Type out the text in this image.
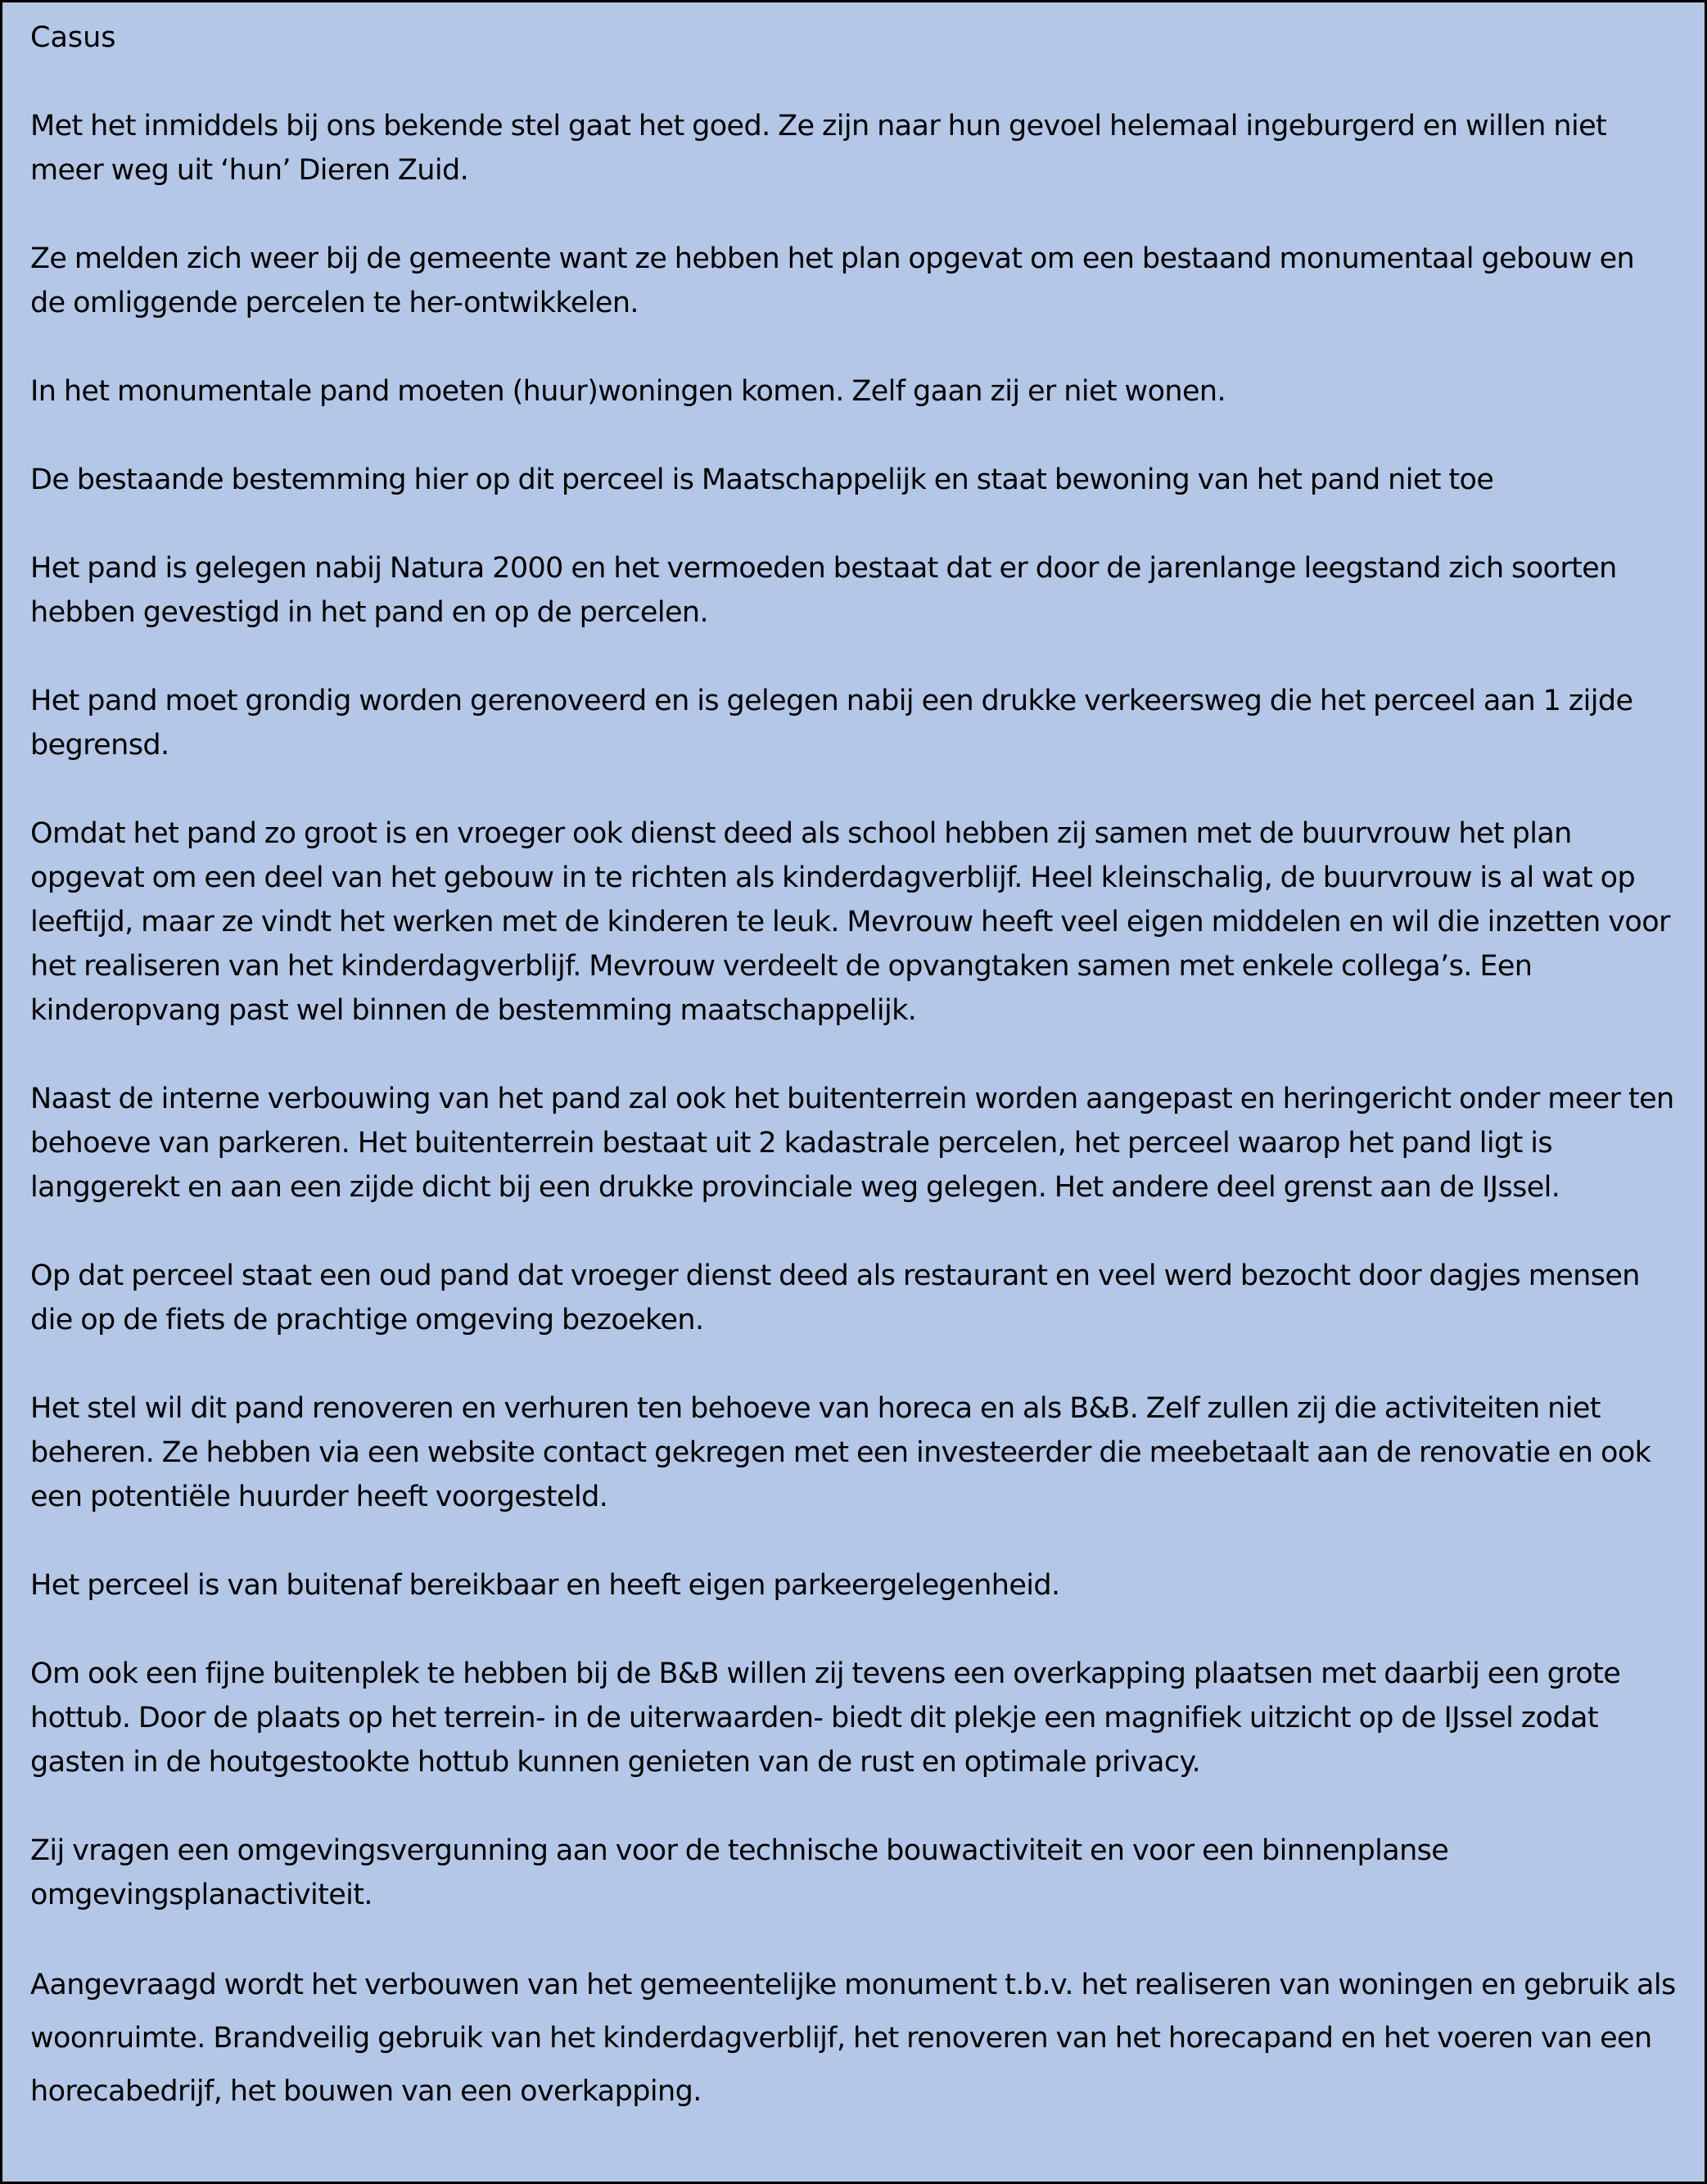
Casus

Met het inmiddels bij ons bekende stel gaat het goed. Ze zijn naar hun gevoel helemaal ingeburgerd en willen niet meer weg uit ‘hun’ Dieren Zuid.

Ze melden zich weer bij de gemeente want ze hebben het plan opgevat om een bestaand monumentaal gebouw en de omliggende percelen te her-ontwikkelen.

In het monumentale pand moeten (huur)woningen komen. Zelf gaan zij er niet wonen.

De bestaande bestemming hier op dit perceel is Maatschappelijk en staat bewoning van het pand niet toe

Het pand is gelegen nabij Natura 2000 en het vermoeden bestaat dat er door de jarenlange leegstand zich soorten hebben gevestigd in het pand en op de percelen.

Het pand moet grondig worden gerenoveerd en is gelegen nabij een drukke verkeersweg die het perceel aan 1 zijde begrensd.

Omdat het pand zo groot is en vroeger ook dienst deed als school hebben zij samen met de buurvrouw het plan opgevat om een deel van het gebouw in te richten als kinderdagverblijf. Heel kleinschalig, de buurvrouw is al wat op leeftijd, maar ze vindt het werken met de kinderen te leuk. Mevrouw heeft veel eigen middelen en wil die inzetten voor het realiseren van het kinderdagverblijf. Mevrouw verdeelt de opvangtaken samen met enkele collega’s. Een kinderopvang past wel binnen de bestemming maatschappelijk.

Naast de interne verbouwing van het pand zal ook het buitenterrein worden aangepast en heringericht onder meer ten behoeve van parkeren. Het buitenterrein bestaat uit 2 kadastrale percelen, het perceel waarop het pand ligt is langgerekt en aan een zijde dicht bij een drukke provinciale weg gelegen. Het andere deel grenst aan de IJssel.

Op dat perceel staat een oud pand dat vroeger dienst deed als restaurant en veel werd bezocht door dagjes mensen die op de fiets de prachtige omgeving bezoeken.

Het stel wil dit pand renoveren en verhuren ten behoeve van horeca en als B&B. Zelf zullen zij die activiteiten niet beheren. Ze hebben via een website contact gekregen met een investeerder die meebetaalt aan de renovatie en ook een potentiële huurder heeft voorgesteld.

Het perceel is van buitenaf bereikbaar en heeft eigen parkeergelegenheid.

Om ook een fijne buitenplek te hebben bij de B&B willen zij tevens een overkapping plaatsen met daarbij een grote hottub. Door de plaats op het terrein- in de uiterwaarden- biedt dit plekje een magnifiek uitzicht op de IJssel zodat gasten in de houtgestookte hottub kunnen genieten van de rust en optimale privacy.

Zij vragen een omgevingsvergunning aan voor de technische bouwactiviteit en voor een binnenplanse omgevingsplanactiviteit.

Aangevraagd wordt het verbouwen van het gemeentelijke monument t.b.v. het realiseren van woningen en gebruik als woonruimte. Brandveilig gebruik van het kinderdagverblijf, het renoveren van het horecapand en het voeren van een horecabedrijf, het bouwen van een overkapping.
